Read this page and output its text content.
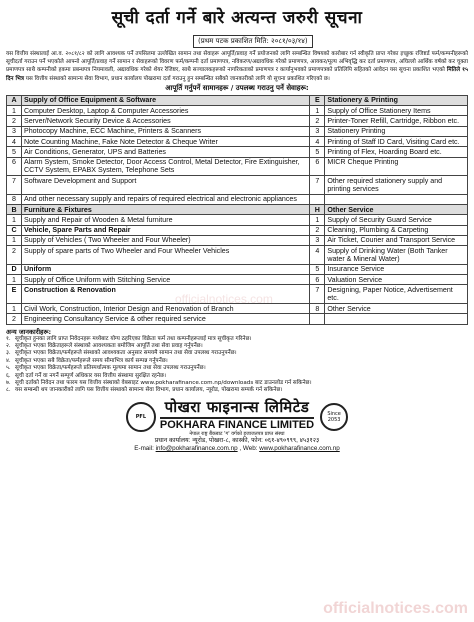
सूची दर्ता गर्ने बारे अत्यन्त जरुरी सूचना
(प्रथम पटक प्रकाशित मिति: २०८१/०३/१४)
यस वित्तीय संस्थालाई आ.व. २०८१/८२ को लागि आवश्यक पर्ने तपसिलमा उल्लेखित सामान तथा सेवाहरू आपूर्ति/प्रवाह गर्ने प्रयोजनको लागि सम्बन्धित विषयको कारोबार गर्न स्वीकृति प्राप्त गरेका इच्छुक रजिष्टर्ड फर्म/कम्पनीहरूको सूचीदर्ता गराउन पर्ने भएकोले आफ्नो आपूर्ति/प्रवाह गर्ने सामान र सेवाहरूको विवरण फर्म/कम्पनी दर्ता प्रमाणपत्र, नविकरण/अद्यावधिक गरेको प्रमाणपत्र, आयकर/मूल्य अभिवृद्धि कर दर्ता प्रमाणपत्र, अघिल्लो आर्थिक वर्षको कर चुक्ता प्रमाणपत्र साथै कम्पनीको हकमा प्रबन्धपत्र नियमावली, अद्यावधिक गरेको शेयर रेजिष्टर, साथै सञ्चालकहरूको नागरिकताको प्रमाणपत्र र कार्यानुभवको प्रमाणपत्रको प्रतिलिपि सहितको आवेदन यस सूचना प्रकाशित भएको मितिले १५ दिन भित्र यस वित्तीय संस्थाको सामान्य सेवा विभाग, प्रधान कार्यालय पोखरामा दर्ता गराउनु हुन सम्बन्धित सबैको जानकारीको लागि यो सूचना प्रकाशित गरिएको छ।
आपूर्ति गर्नुपर्ने सामानहरू / उपलब्ध गराउनु पर्ने सेवाहरू:
A	Supply of Office Equipment & Software	E	Stationery & Printing
1	Computer Desktop, Laptop & Computer Accessories	1	Supply of Office Stationery Items
2	Server/Network Security Device & Accessories	2	Printer-Toner Refill, Cartridge, Ribbon etc.
3	Photocopy Machine, ECC Machine, Printers & Scanners	3	Stationery Printing
4	Note Counting Machine, Fake Note Detector & Cheque Writer	4	Printing of Staff ID Card, Visiting Card etc.
5	Air Conditions, Generator, UPS and Batteries	5	Printing of Flex, Hoarding Board etc.
6	Alarm System, Smoke Detector, Door Access Control, Metal Detector, Fire Extinguisher, CCTV System, EPABX System, Telephone Sets	6	MICR Cheque Printing
7	Software Development and Support	7	Other required stationery supply and printing services
8	And other necessary supply and repairs of required electrical and electronic appliances		
B	Furniture & Fixtures	H	Other Service
1	Supply and Repair of Wooden & Metal furniture	1	Supply of Security Guard Service
C	Vehicle, Spare Parts and Repair	2	Cleaning, Plumbing & Carpeting
1	Supply of Vehicles ( Two Wheeler and Four Wheeler)	3	Air Ticket, Courier and Transport Service
2	Supply of spare parts of Two Wheeler and Four Wheeler Vehicles	4	Supply of Drinking Water (Both Tanker water & Mineral Water)
D	Uniform	5	Insurance Service
1	Supply of Office Uniform with Stitching Service	6	Valuation Service
E	Construction & Renovation	7	Designing, Paper Notice, Advertisement etc.
1	Civil Work, Construction, Interior Design and Renovation of Branch	8	Other Service
2	Engineering Consultancy Service & other required service		
अन्य जानकारीहरू:
१. सूचीकृत हुनका लागि प्राप्त निवेदनहरू मध्येबाट योग्य ठहरिएका विक्रेता फर्म तथा कम्पनीहरूलाई मात्र सूचीकृत गरिनेछ।
२. सूचीकृत भएका विक्रेताहरूले संस्थाको आवश्यकता बमोजिम आपूर्ति तथा सेवा प्रवाह गर्नुपर्नेछ।
३. सूचीकृत भएका विक्रेता/फर्महरूले संस्थाको आवश्यकता अनुसार समयमै सामान तथा सेवा उपलब्ध गराउनुपर्नेछ।
४. सूचीकृत भएका सबै विक्रेता/फर्महरूले समय सीमाभित्र कार्य सम्पन्न गर्नुपर्नेछ।
५. सूचीकृत भएका विक्रेता/फर्महरूले प्रतिस्पर्धात्मक मूल्यमा सामान तथा सेवा उपलब्ध गराउनुपर्नेछ।
६. सूची दर्ता गर्ने वा नगर्ने सम्पूर्ण अधिकार यस वित्तीय संस्थामा सुरक्षित रहनेछ।
७. सूची दर्ताको निवेदन तथा फारम यस वित्तीय संस्थाको वेबसाइट www.pokharafinance.com.np/downloads बाट डाउनलोड गर्न सकिनेछ।
८. यस सम्बन्धी थप जानकारीको लागि यस वित्तीय संस्थाको सामान्य सेवा विभाग, प्रधान कार्यालय, न्यूरोड, पोखरामा सम्पर्क गर्न सकिनेछ।
PFL
पोखरा फाइनान्स लिमिटेड
POKHARA FINANCE LIMITED
नेपाल राष्ट्र बैंकबाट 'ग' वर्गको इजाजतपत्र प्राप्त संस्था
Since
2053
प्रधान कार्यालय: न्यूरोड, पोखरा-८, कास्की, फोन: ०६१-४९०९९९, ४५३१२३
E-mail: info@pokharafinance.com.np , Web: www.pokharafinance.com.np
officialnotices.com
officialnotices.com
